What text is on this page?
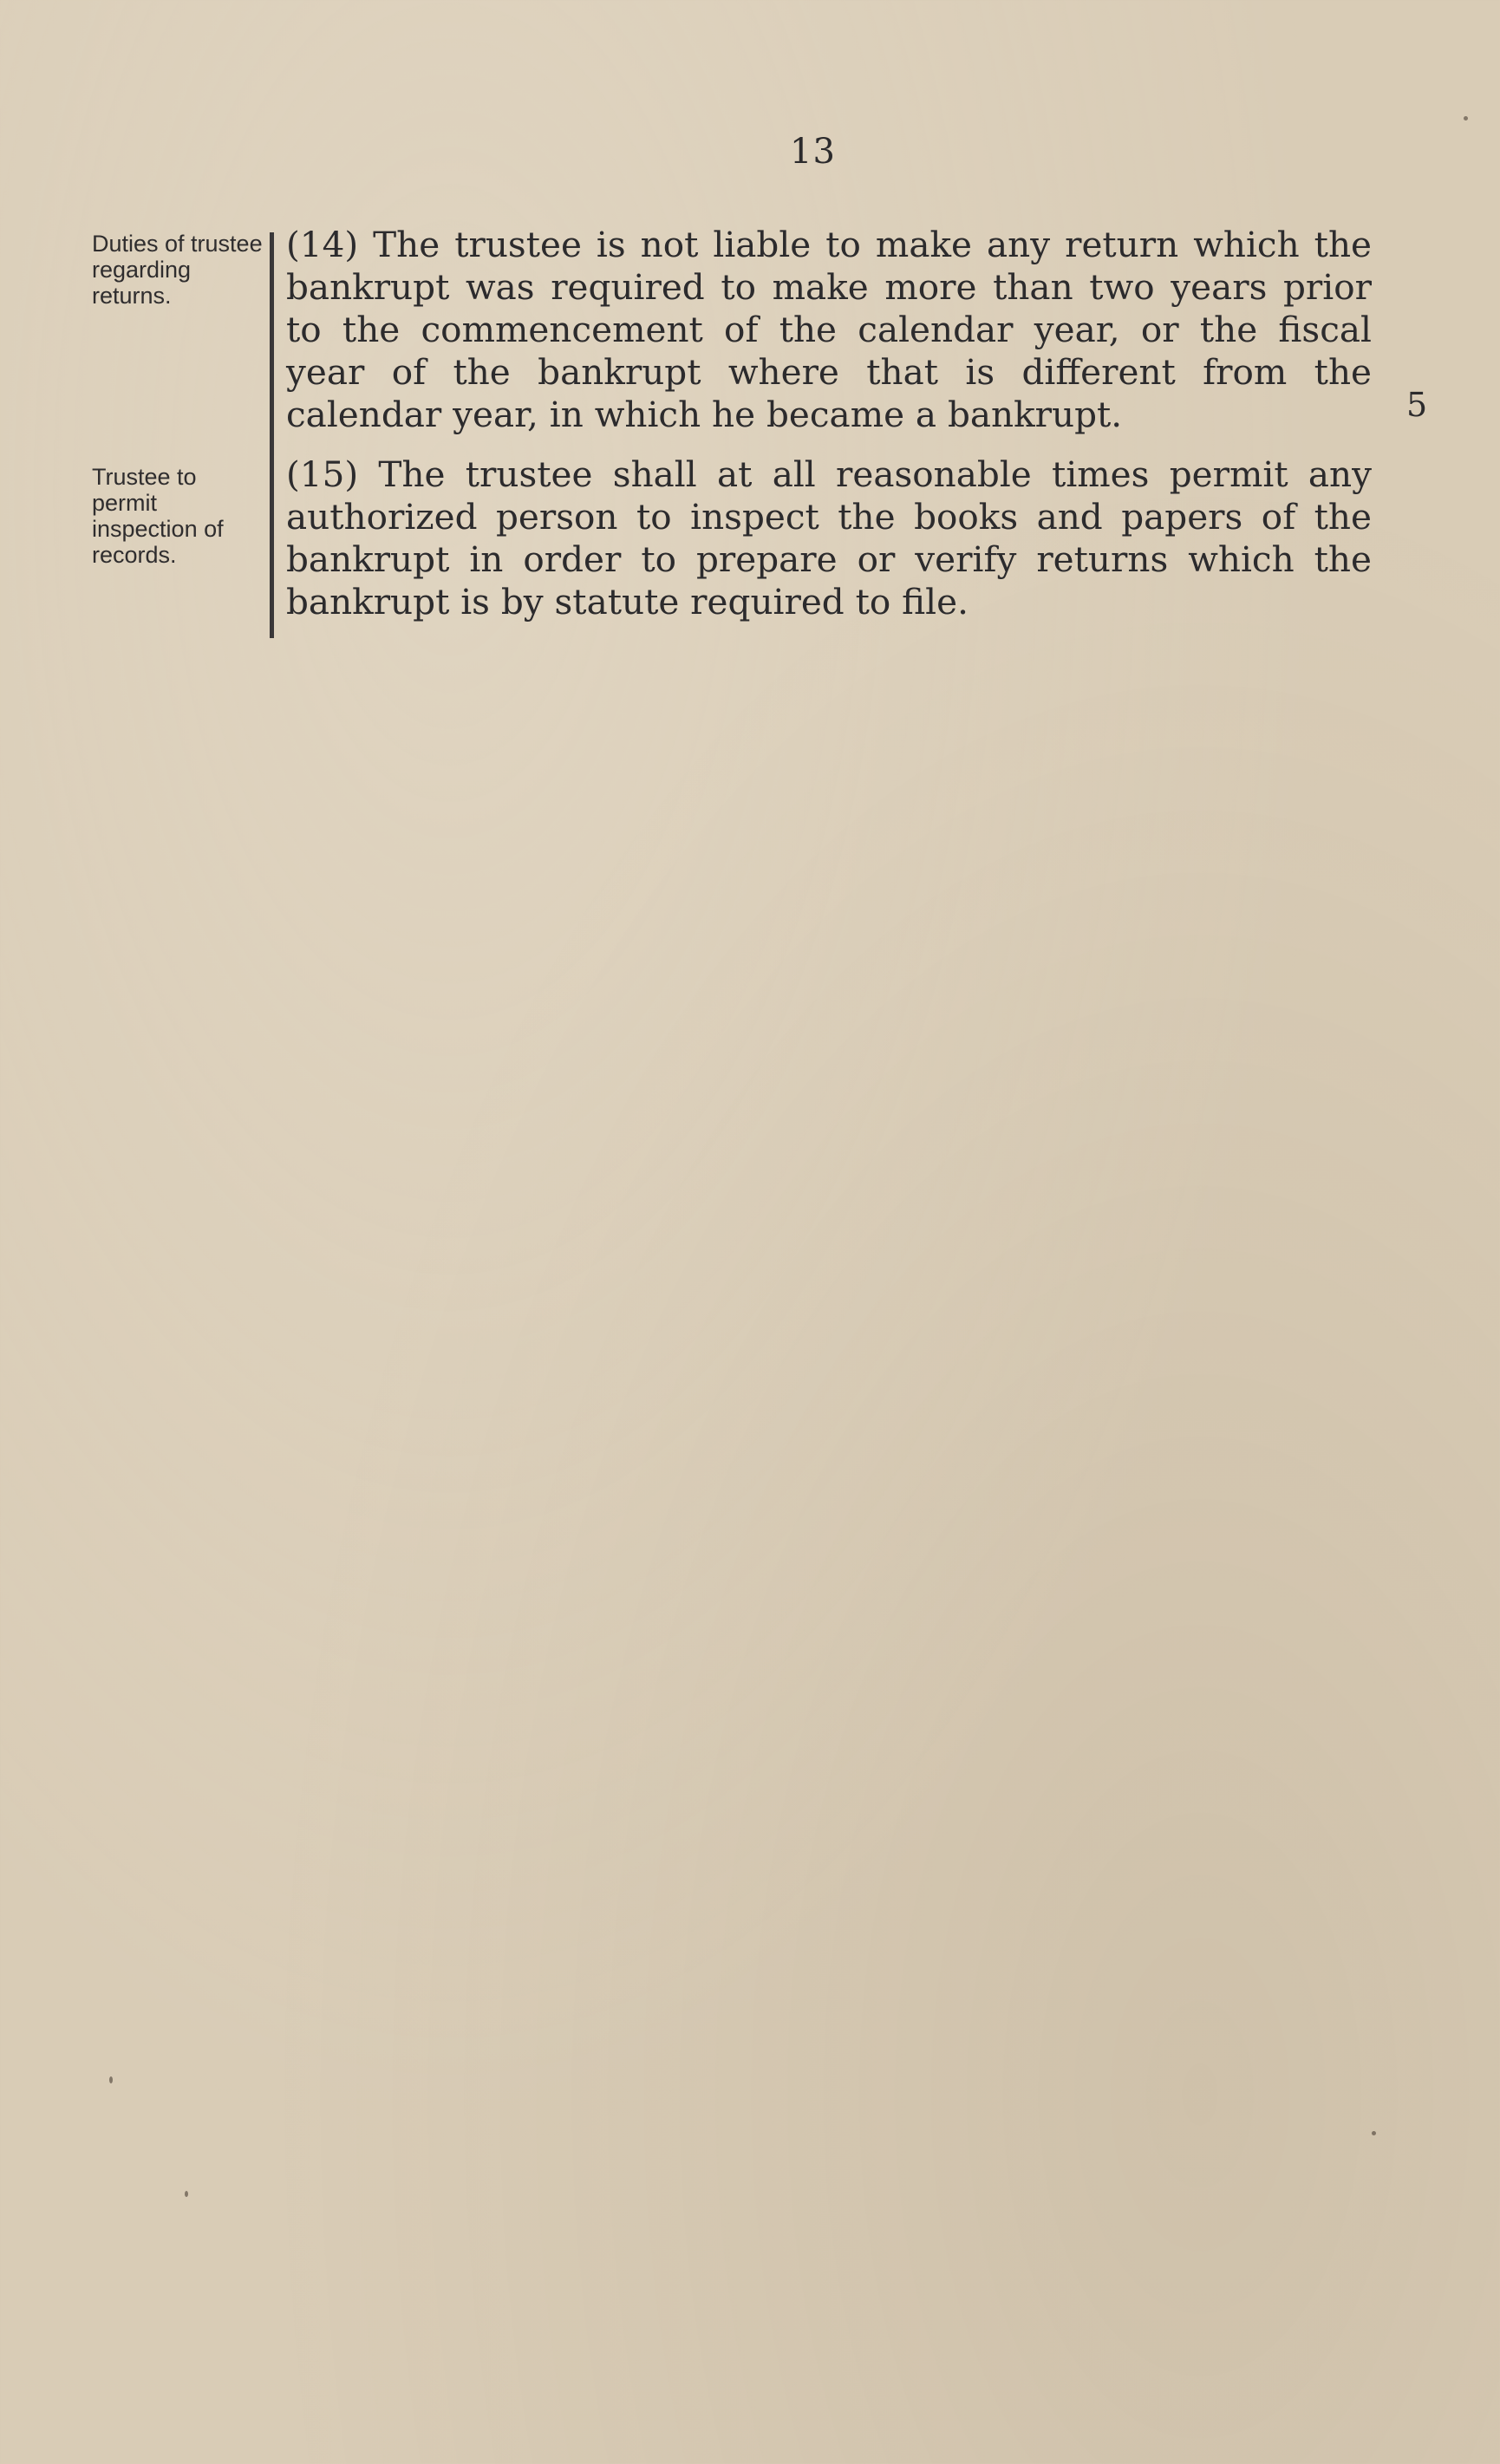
13
Duties of trustee regarding returns.
Trustee to permit inspection of records.

(14) The trustee is not liable to make any return which the bankrupt was required to make more than two years prior to the commencement of the calendar year, or the fiscal year of the bankrupt where that is different from the calendar year, in which he became a bankrupt.

(15) The trustee shall at all reasonable times permit any authorized person to inspect the books and papers of the bankrupt in order to prepare or verify returns which the bankrupt is by statute required to file.

5
